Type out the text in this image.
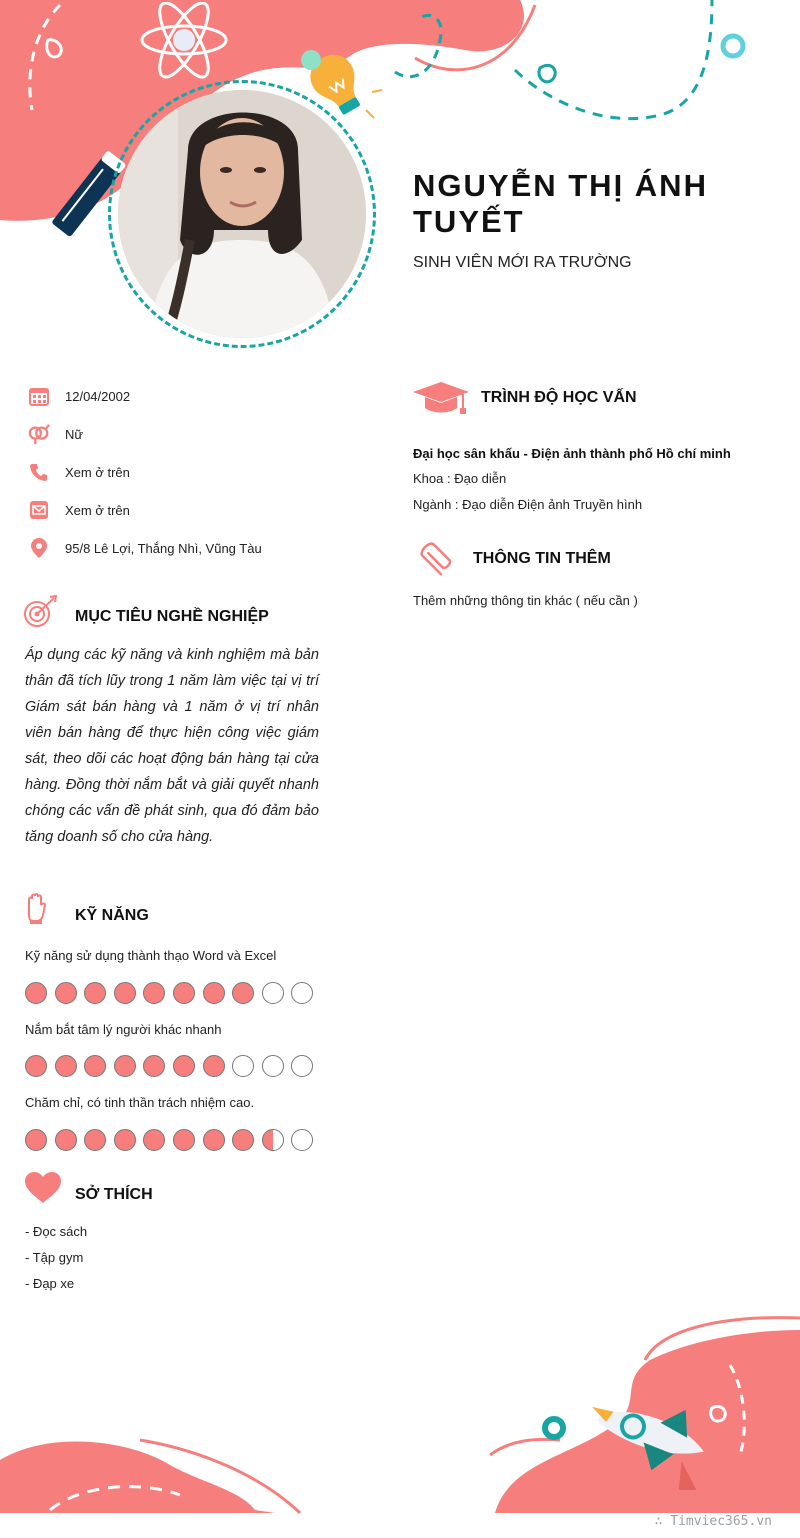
NGUYỄN THỊ ÁNH TUYẾT
SINH VIÊN MỚI RA TRƯỜNG
12/04/2002
Nữ
Xem ở trên
Xem ở trên
95/8 Lê Lợi, Thắng Nhì, Vũng Tàu
MỤC TIÊU NGHỀ NGHIỆP
Áp dụng các kỹ năng và kinh nghiệm mà bản thân đã tích lũy trong 1 năm làm việc tại vị trí Giám sát bán hàng và 1 năm ở vị trí nhân viên bán hàng để thực hiện công việc giám sát, theo dõi các hoạt động bán hàng tại cửa hàng. Đồng thời nắm bắt và giải quyết nhanh chóng các vấn đề phát sinh, qua đó đảm bảo tăng doanh số cho cửa hàng.
KỸ NĂNG
Kỹ năng sử dụng thành thạo Word và Excel
Nắm bắt tâm lý người khác nhanh
Chăm chỉ, có tinh thần trách nhiệm cao.
SỞ THÍCH
- Đọc sách
- Tập gym
- Đạp xe
TRÌNH ĐỘ HỌC VẤN
Đại học sân khấu - Điện ảnh thành phố Hồ chí minh
Khoa : Đạo diễn
Ngành : Đạo diễn Điện ảnh Truyền hình
THÔNG TIN THÊM
Thêm những thông tin khác ( nếu cần )
∴ Timviec365.vn
